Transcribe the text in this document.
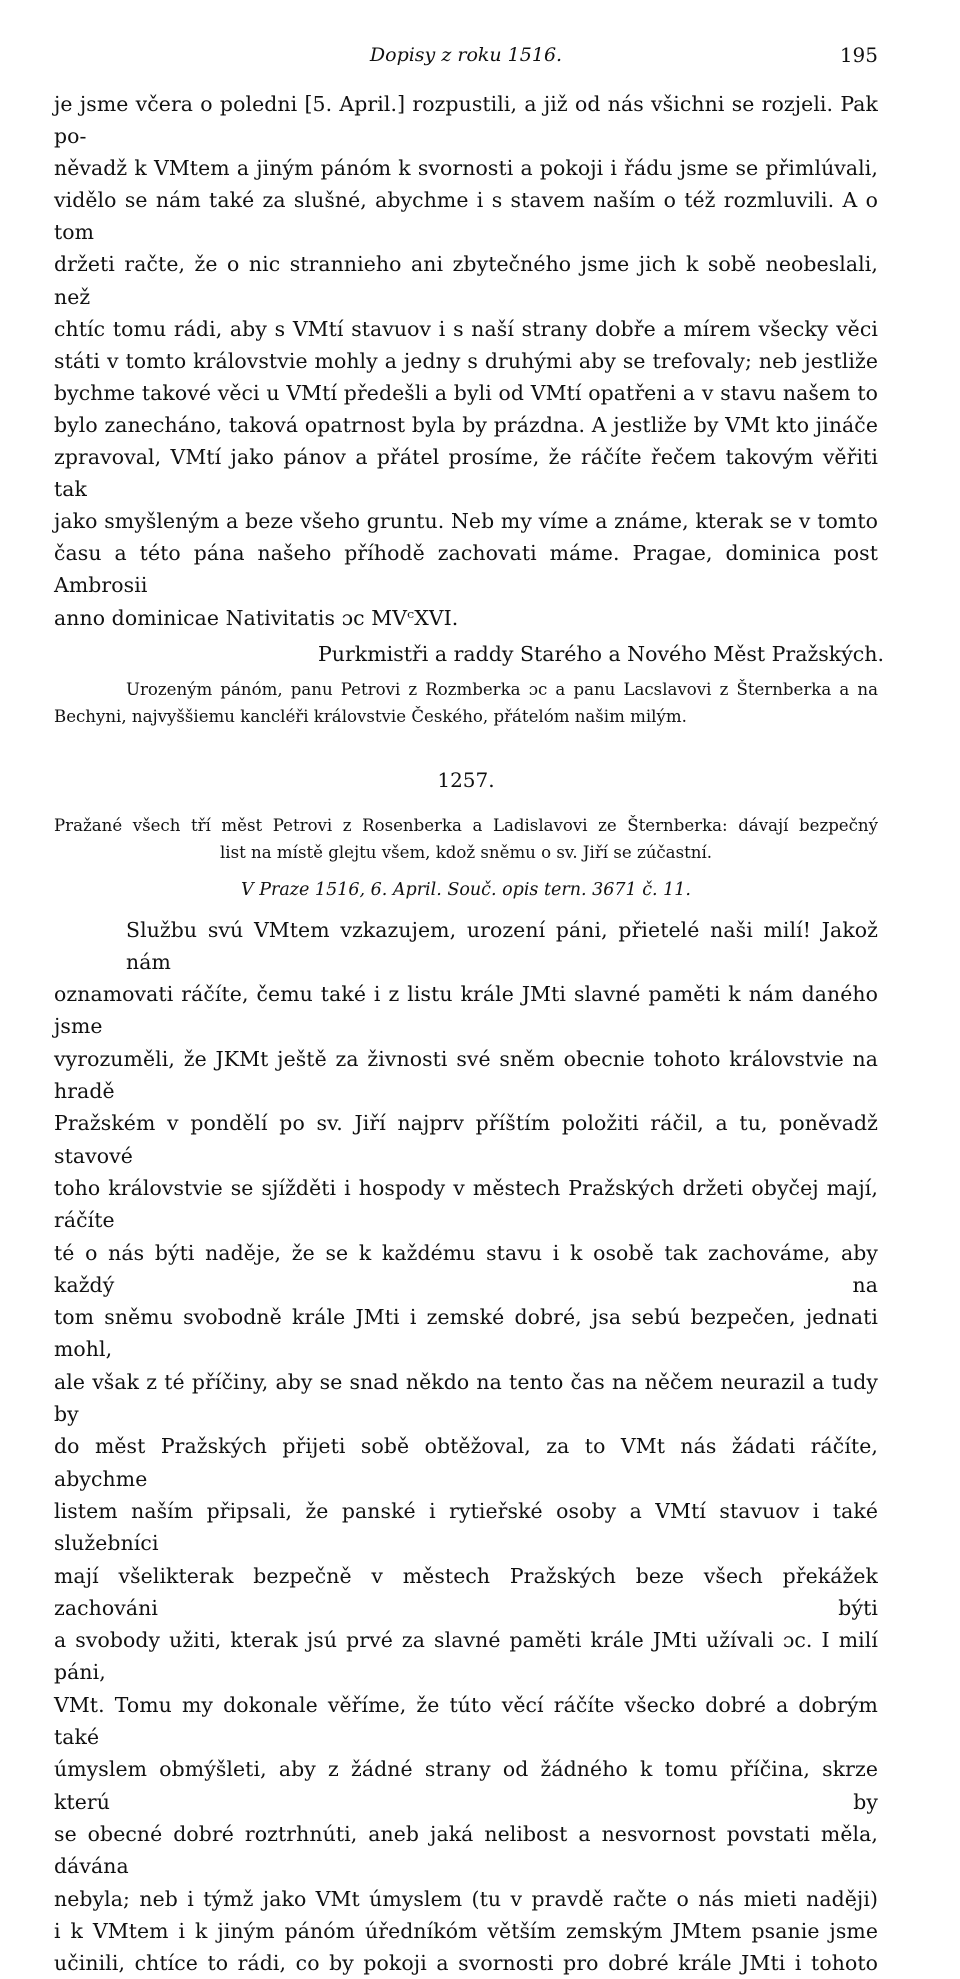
Dopisy z roku 1516.	195

je jsme včera o poledni [5. April.] rozpustili, a již od nás všichni se rozjeli. Pak po-

něvadž k VMtem a jiným pánóm k svornosti a pokoji i řádu jsme se přimlúvali,

vidělo se nám také za slušné, abychme i s stavem naším o též rozmluvili. A o tom

držeti račte, že o nic strannieho ani zbytečného jsme jich k sobě neobeslali, než

chtíc tomu rádi, aby s VMtí stavuov i s naší strany dobře a mírem všecky věci

státi v tomto královstvie mohly a jedny s druhými aby se trefovaly; neb jestliže

bychme takové věci u VMtí předešli a byli od VMtí opatřeni a v stavu našem to

bylo zanecháno, taková opatrnost byla by prázdna. A jestliže by VMt kto jináče

zpravoval, VMtí jako pánov a přátel prosíme, že ráčíte řečem takovým věřiti tak

jako smyšleným a beze všeho gruntu. Neb my víme a známe, kterak se v tomto

času a této pána našeho příhodě zachovati máme. Pragae, dominica post Ambrosii

anno dominicae Nativitatis ɔc MVᶜXVI.

Purkmistři a raddy Starého a Nového Měst Pražských.

Urozeným pánóm, panu Petrovi z Rozmberka ɔc a panu Lacslavovi z Šternberka a na

Bechyni, najvyššiemu kancléři královstvie Českého, přátelóm našim milým.

1257.

Pražané všech tří měst Petrovi z Rosenberka a Ladislavovi ze Šternberka: dávají bezpečný

list na místě glejtu všem, kdož sněmu o sv. Jiří se zúčastní.

V Praze 1516, 6. April. Souč. opis tern. 3671 č. 11.

Službu svú VMtem vzkazujem, urození páni, přietelé naši milí! Jakož nám

oznamovati ráčíte, čemu také i z listu krále JMti slavné paměti k nám daného jsme

vyrozuměli, že JKMt ještě za živnosti své sněm obecnie tohoto královstvie na hradě

Pražském v pondělí po sv. Jiří najprv příštím položiti ráčil, a tu, poněvadž stavové

toho královstvie se sjížděti i hospody v městech Pražských držeti obyčej mají, ráčíte

té o nás býti naděje, že se k každému stavu i k osobě tak zachováme, aby každý na

tom sněmu svobodně krále JMti i zemské dobré, jsa sebú bezpečen, jednati mohl,

ale však z té příčiny, aby se snad někdo na tento čas na něčem neurazil a tudy by

do měst Pražských přijeti sobě obtěžoval, za to VMt nás žádati ráčíte, abychme

listem naším připsali, že panské i rytieřské osoby a VMtí stavuov i také služebníci

mají všelikterak bezpečně v městech Pražských beze všech překážek zachováni býti

a svobody užiti, kterak jsú prvé za slavné paměti krále JMti užívali ɔc. I milí páni,

VMt. Tomu my dokonale věříme, že tútо věcí ráčíte všecko dobré a dobrým také

úmyslem obmýšleti, aby z žádné strany od žádného k tomu příčina, skrze kterú by

se obecné dobré roztrhnúti, aneb jaká nelibost a nesvornost povstati měla, dávána

nebyla; neb i týmž jako VMt úmyslem (tu v pravdě račte o nás mieti naději)

i k VMtem i k jiným pánóm úředníkóm větším zemským JMtem psanie jsme

učinili, chtíce to rádi, co by pokoji a svornosti pro dobré krále JMti i tohoto
